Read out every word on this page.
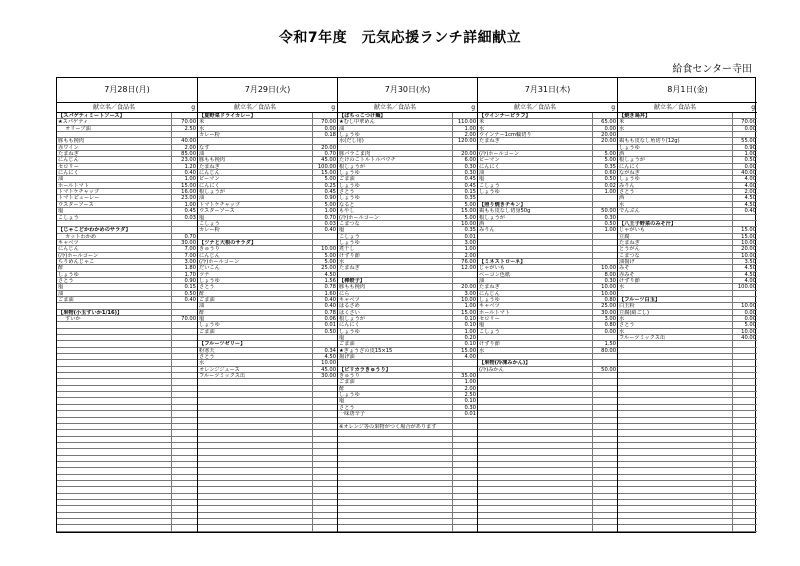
令和7年度　元気応援ランチ詳細献立
給食センター寺田
7月28日(月)
献立名／食品名	g
【スパゲティミートソース】
★スパゲティ	70.00
オリーブ油	2.50
豚もも挽肉	40.00
赤ワイン	2.00
たまねぎ	85.00
にんじん	23.00
セロリー	1.20
にんにく	0.40
油	1.00
ホールトマト	15.00
トマトケチャップ	16.00
トマトピューレー	23.00
ウスターソース	1.00
塩	0.45
こしょう	0.03
【じゃこどかわかめのサラダ】
カットわかめ	0.70
キャベツ	30.00
にんじん	7.00
(冷)ホールコーン	7.00
ちりめんじゃこ	3.00
酢	1.80
しょうゆ	1.70
さとう	0.90
塩	0.15
油	0.50
ごま油	0.40
【果物(小玉すいか1/16)】
すいか	70.00
7月29日(火)
献立名／食品名	g
【夏野菜ドライカレー】
米	70.00
水	0.00
カレー粉	0.18
なす	20.00
油	0.70
豚もも挽肉	45.00
たまねぎ	100.00
にんじん	15.00
ピーマン	5.00
にんにく	0.25
根しょうが	0.45
油	0.90
トマトケチャップ	5.00
ウスターソース	1.00
塩	0.70
こしょう	0.03
カレー粉	0.40
【ツナと大根のサラダ】
きゅうり	10.00
にんじん	5.00
(冷)ホールコーン	5.00
だいこん	25.00
ツナ	4.50
しょうゆ	1.56
さとう	0.78
酢	1.60
ごま油	0.40
油	0.40
酢	0.78
塩	0.06
しょうゆ	0.01
ごま油	0.50
【フルーツゼリー】
粉寒天	0.34
さとう	4.50
水	10.00
オレンジジュース	45.00
フルーツミックス缶	30.00
7月30日(水)
献立名／食品名	g
【ぱちっこつけ麺】
★むし中華めん	110.00
油	1.00
しょうゆ	2.00
水(だし用)	120.00
豚バラこま肉	20.00
たけのこトルトルパウチ	6.00
根しょうが	0.30
しょうゆ	0.30
ごま油	0.45
しょうゆ	0.45
さとう	0.15
しょうゆ	0.35
なると	5.00
もやし	15.00
(冷)ホールコーン	5.00
こまつな	10.00
塩	0.35
こしょう	0.01
しょうゆ	3.00
煮干し	1.00
けずり節	2.00
水	76.00
たまねぎ	12.00
【棒餃子】
豚もも挽肉	20.00
にら	3.00
キャベツ	10.00
はるさめ	1.00
はくさい	15.00
根しょうが	0.10
にんにく	0.10
しょうゆ	1.00
塩	0.20
ごま油	0.10
★ぎょうざの皮15×15	15.00
揚げ油	4.00
【ピリカラきゅうり】
きゅうり	35.00
ごま油	1.00
酢	2.00
しょうゆ	2.50
塩	0.10
さとう	0.30
一味唐辛子	0.01
※オレンジ等の果物がつく場合があります
7月31日(木)
献立名／食品名	g
【ウインナーピラフ】
米	65.00
水	0.00
ウインナー1cm輪切り	20.00
たまねぎ	20.00
(冷)ホールコーン	5.00
ピーマン	5.00
にんにく	0.35
油	0.60
塩	0.50
こしょう	0.02
しょうゆ	1.00
【照り焼きチキン】
鶏もも皮なし切身50g	50.00
根しょうが	0.30
酒	0.50
みりん	1.00
【ミネストローネ】
じゃがいも	10.00
ベーコン色紙	8.00
油	0.30
たまねぎ	10.00
にんじん	10.00
しょうゆ	0.80
キャベツ	25.00
ホールトマト	30.00
セロリー	3.00
塩	0.80
こしょう	0.00
けずり節	1.50
水	80.00
【果物(冷凍みかん)】
(冷)みかん	50.00
8月1日(金)
献立名／食品名	g
【焼き鳥丼】
米	70.00
水	0.00
鶏もも皮なし角切り(12g)	55.00
しょうゆ	0.90
酒	1.00
根しょうが	0.50
にんにく	0.00
ながねぎ	40.00
しょうゆ	4.00
みりん	4.00
さとう	2.00
酒	4.50
水	4.50
でんぷん	0.40
【八王子野菜のみそ汁】
じゃがいも	15.00
豆腐	15.00
たまねぎ	10.00
とうがん	20.00
こまつな	10.00
油揚げ	3.50
みそ	4.50
赤みそ	4.50
けずり節	4.00
水	100.00
【フルーツ白玉】
白玉粉	10.00
豆腐(絹ごし)	0.00
水	0.00
さとう	5.00
水	10.00
フルーツミックス缶	40.00
